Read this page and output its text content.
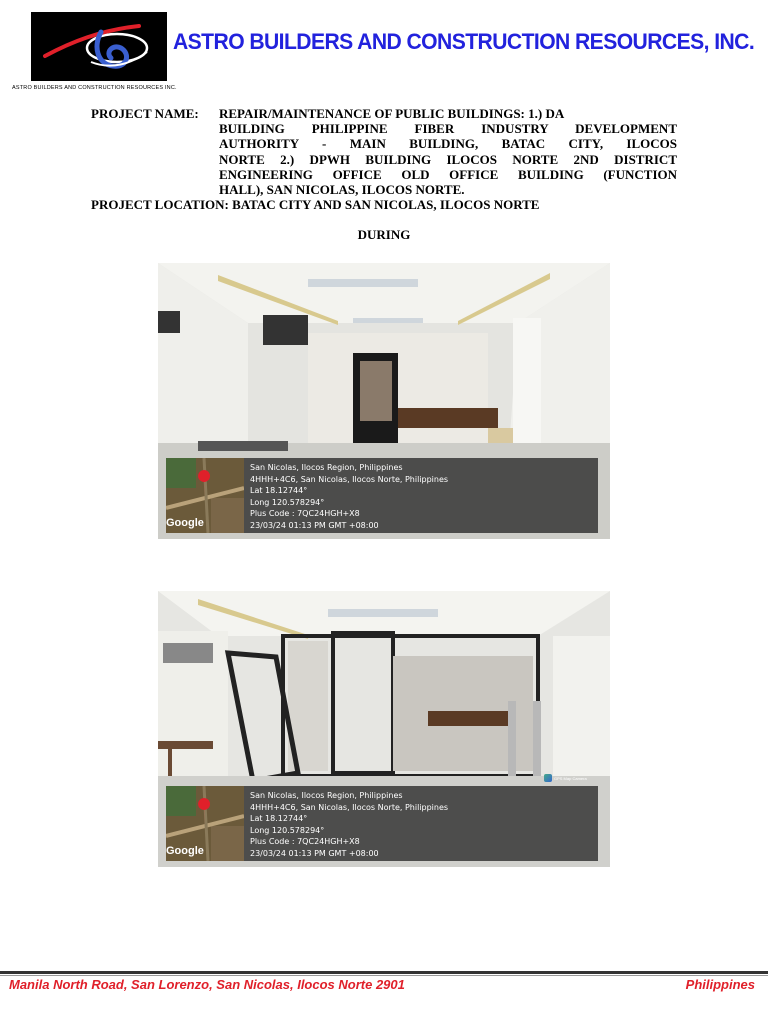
ASTRO BUILDERS AND CONSTRUCTION RESOURCES INC.
ASTRO BUILDERS AND CONSTRUCTION RESOURCES, INC.
PROJECT NAME:	REPAIR/MAINTENANCE OF PUBLIC BUILDINGS: 1.) DA
BUILDING PHILIPPINE FIBER INDUSTRY DEVELOPMENT
AUTHORITY - MAIN BUILDING, BATAC CITY, ILOCOS
NORTE 2.) DPWH BUILDING ILOCOS NORTE 2ND DISTRICT
ENGINEERING OFFICE OLD OFFICE BUILDING (FUNCTION
HALL), SAN NICOLAS, ILOCOS NORTE.
PROJECT LOCATION: BATAC CITY AND SAN NICOLAS, ILOCOS NORTE
DURING
Google
San Nicolas, Ilocos Region, Philippines
4HHH+4C6, San Nicolas, Ilocos Norte, Philippines
Lat 18.12744°
Long 120.578294°
Plus Code : 7QC24HGH+X8
23/03/24 01:13 PM GMT +08:00
GPS Map Camera
Google
San Nicolas, Ilocos Region, Philippines
4HHH+4C6, San Nicolas, Ilocos Norte, Philippines
Lat 18.12744°
Long 120.578294°
Plus Code : 7QC24HGH+X8
23/03/24 01:13 PM GMT +08:00
Manila North Road, San Lorenzo, San Nicolas, Ilocos Norte 2901	Philippines
